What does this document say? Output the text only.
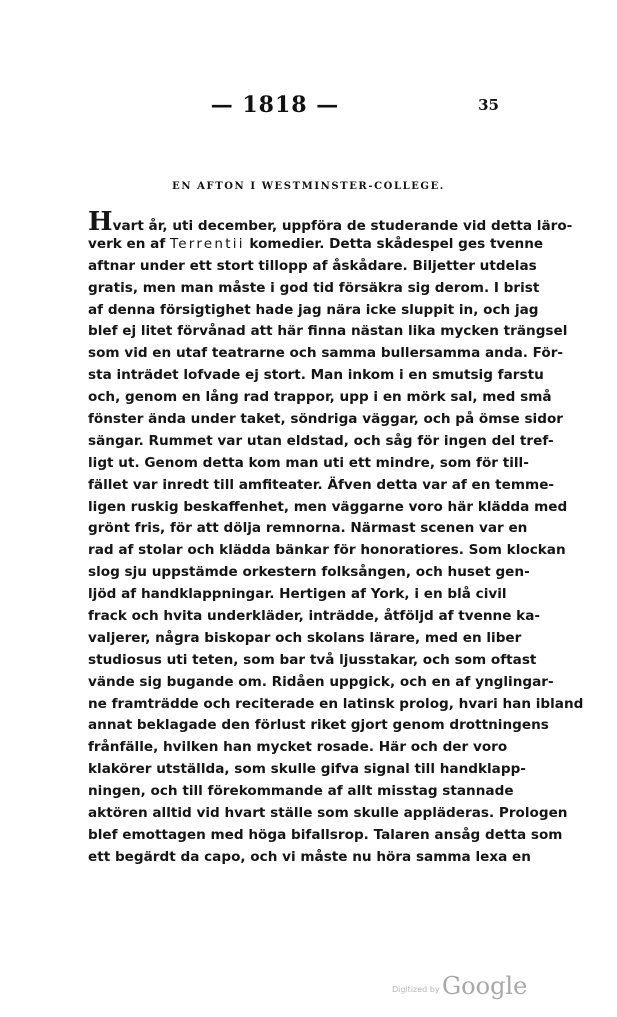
— 1818 —	35
EN AFTON I WESTMINSTER-COLLEGE.
Hvart år, uti december, uppföra de studerande vid detta läro-
verk en af Terrentii komedier. Detta skådespel ges tvenne
aftnar under ett stort tillopp af åskådare. Biljetter utdelas
gratis, men man måste i god tid försäkra sig derom. I brist
af denna försigtighet hade jag nära icke sluppit in, och jag
blef ej litet förvånad att här finna nästan lika mycken trängsel
som vid en utaf teatrarne och samma bullersamma anda. För-
sta inträdet lofvade ej stort. Man inkom i en smutsig farstu
och, genom en lång rad trappor, upp i en mörk sal, med små
fönster ända under taket, söndriga väggar, och på ömse sidor
sängar. Rummet var utan eldstad, och såg för ingen del tref-
ligt ut. Genom detta kom man uti ett mindre, som för till-
fället var inredt till amfiteater. Äfven detta var af en temme-
ligen ruskig beskaffenhet, men väggarne voro här klädda med
grönt fris, för att dölja remnorna. Närmast scenen var en
rad af stolar och klädda bänkar för honoratiores. Som klockan
slog sju uppstämde orkestern folksången, och huset gen-
ljöd af handklappningar. Hertigen af York, i en blå civil
frack och hvita underkläder, inträdde, åtföljd af tvenne ka-
valjerer, några biskopar och skolans lärare, med en liber
studiosus uti teten, som bar två ljusstakar, och som oftast
vände sig bugande om. Ridåen uppgick, och en af ynglingar-
ne framträdde och reciterade en latinsk prolog, hvari han ibland
annat beklagade den förlust riket gjort genom drottningens
frånfälle, hvilken han mycket rosade. Här och der voro
klakörer utställda, som skulle gifva signal till handklapp-
ningen, och till förekommande af allt misstag stannade
aktören alltid vid hvart ställe som skulle appläderas. Prologen
blef emottagen med höga bifallsrop. Talaren ansåg detta som
ett begärdt da capo, och vi måste nu höra samma lexa en
Digitized by Google
